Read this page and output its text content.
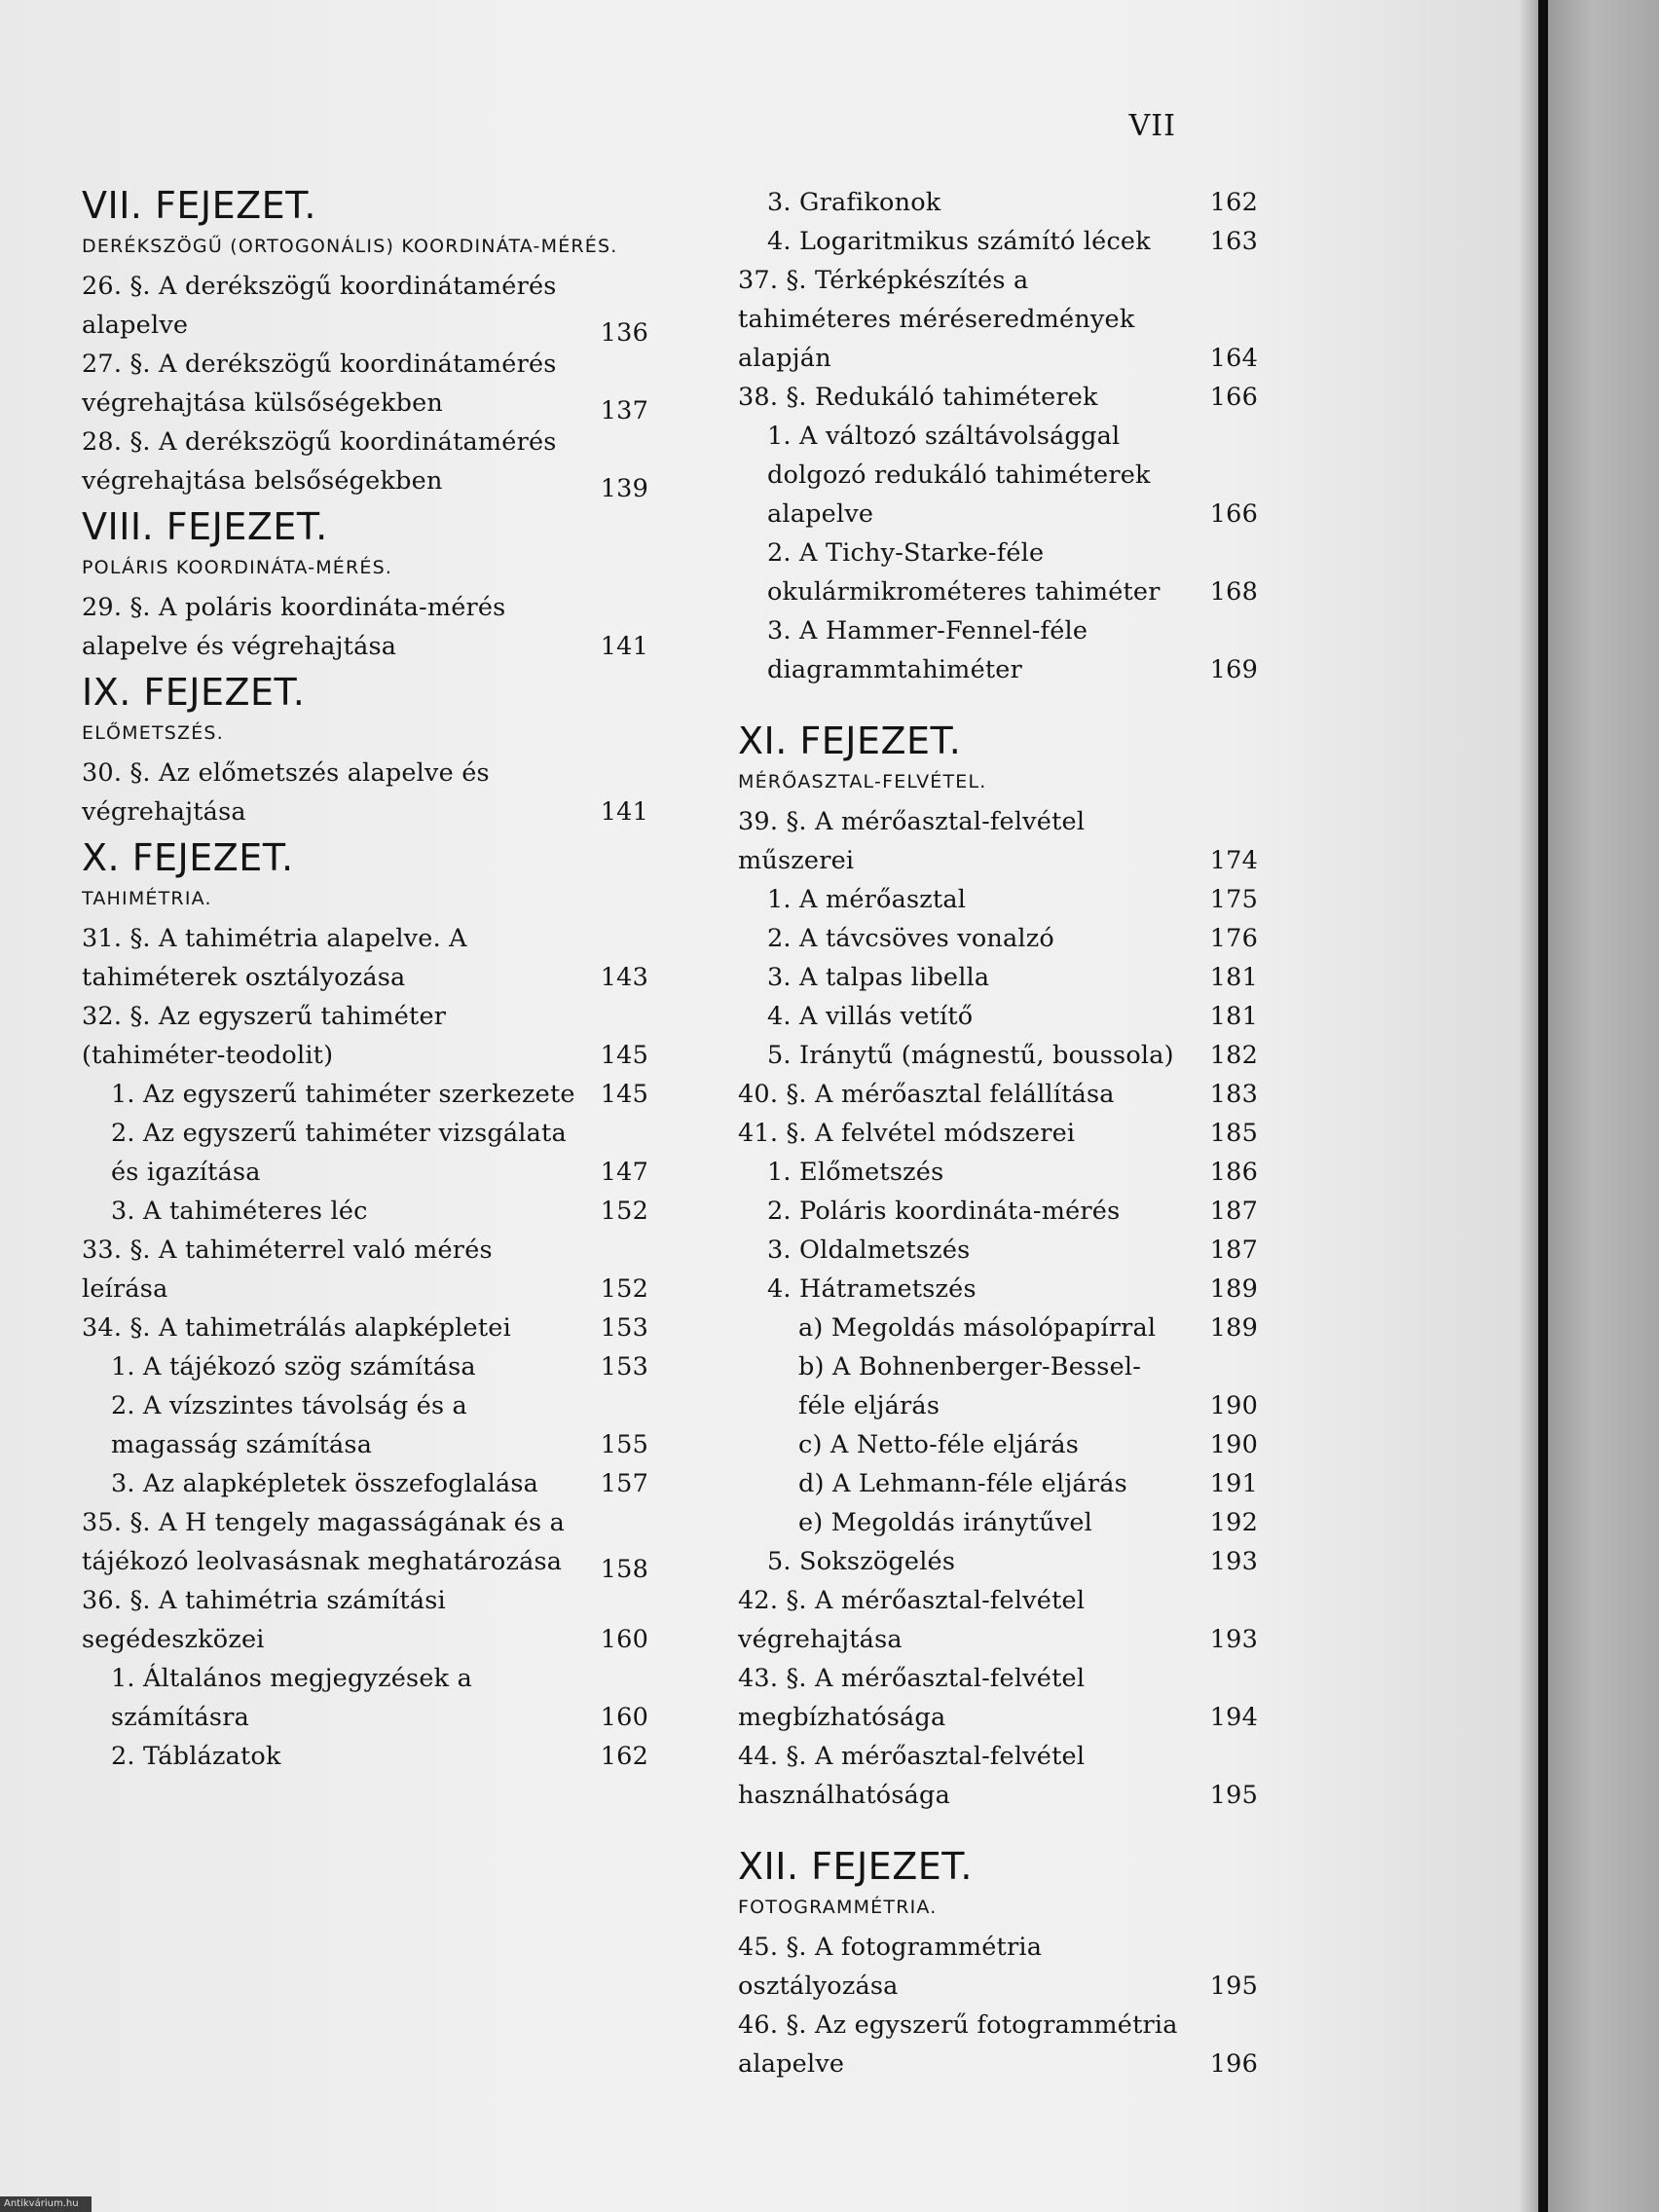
VII
VII. FEJEZET.
DERÉKSZÖGŰ (ORTOGONÁLIS) KOORDINÁTA-MÉRÉS.
26. §. A derékszögű koordinátamérés alapelve	136
27. §. A derékszögű koordinátamérés végrehajtása külsőségekben	137
28. §. A derékszögű koordinátamérés végrehajtása belsőségekben	139
VIII. FEJEZET.
POLÁRIS KOORDINÁTA-MÉRÉS.
29. §. A poláris koordináta-mérés alapelve és végrehajtása	141
IX. FEJEZET.
ELŐMETSZÉS.
30. §. Az előmetszés alapelve és végrehajtása	141
X. FEJEZET.
TAHIMÉTRIA.
31. §. A tahimétria alapelve. A tahiméterek osztályozása	143
32. §. Az egyszerű tahiméter (tahiméter-teodolit)	145
1. Az egyszerű tahiméter szerkezete	145
2. Az egyszerű tahiméter vizsgálata és igazítása	147
3. A tahiméteres léc	152
33. §. A tahiméterrel való mérés leírása	152
34. §. A tahimetrálás alapképletei	153
1. A tájékozó szög számítása	153
2. A vízszintes távolság és a magasság számítása	155
3. Az alapképletek összefoglalása	157
35. §. A H tengely magasságának és a tájékozó leolvasásnak meghatározása	158
36. §. A tahimétria számítási segédeszközei	160
1. Általános megjegyzések a számításra	160
2. Táblázatok	162
3. Grafikonok	162
4. Logaritmikus számító lécek	163
37. §. Térképkészítés a tahiméteres méréseredmények alapján	164
38. §. Redukáló tahiméterek	166
1. A változó száltávolsággal dolgozó redukáló tahiméterek alapelve	166
2. A Tichy-Starke-féle okulármikrométeres tahiméter	168
3. A Hammer-Fennel-féle diagrammtahiméter	169
XI. FEJEZET.
MÉRŐASZTAL-FELVÉTEL.
39. §. A mérőasztal-felvétel műszerei	174
1. A mérőasztal	175
2. A távcsöves vonalzó	176
3. A talpas libella	181
4. A villás vetítő	181
5. Iránytű (mágnestű, boussola)	182
40. §. A mérőasztal felállítása	183
41. §. A felvétel módszerei	185
1. Előmetszés	186
2. Poláris koordináta-mérés	187
3. Oldalmetszés	187
4. Hátrametszés	189
a) Megoldás másolópapírral	189
b) A Bohnenberger-Bessel-féle eljárás	190
c) A Netto-féle eljárás	190
d) A Lehmann-féle eljárás	191
e) Megoldás iránytűvel	192
5. Sokszögelés	193
42. §. A mérőasztal-felvétel végrehajtása	193
43. §. A mérőasztal-felvétel megbízhatósága	194
44. §. A mérőasztal-felvétel használhatósága	195
XII. FEJEZET.
FOTOGRAMMÉTRIA.
45. §. A fotogrammétria osztályozása	195
46. §. Az egyszerű fotogrammétria alapelve	196
Antikvárium.hu
